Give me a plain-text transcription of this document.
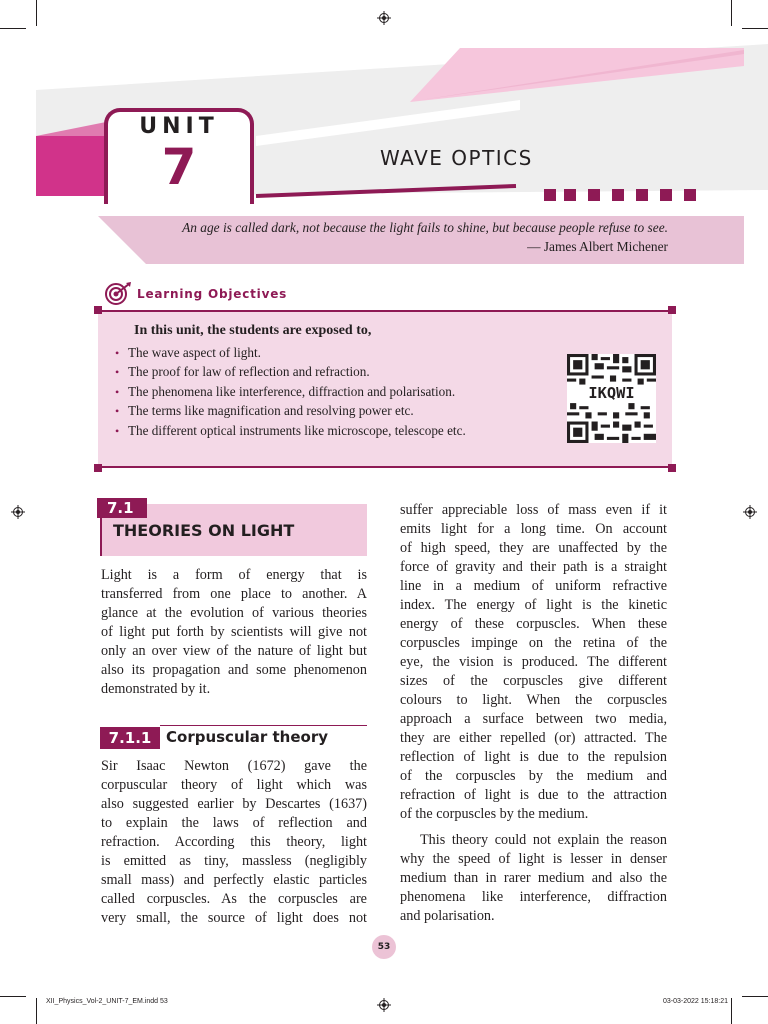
UNIT
7	WAVE OPTICS
An age is called dark, not because the light fails to shine, but because people refuse to see.
— James Albert Michener
Learning Objectives
In this unit, the students are exposed to,
• The wave aspect of light.
• The proof for law of reflection and refraction.
• The phenomena like interference, diffraction and polarisation.
• The terms like magnification and resolving power etc.
• The different optical instruments like microscope, telescope etc.
IKQWI
7.1
THEORIES ON LIGHT
Light is a form of energy that is
transferred from one place to another. A
glance at the evolution of various theories
of light put forth by scientists will give not
only an over view of the nature of light but
also its propagation and some phenomenon
demonstrated by it.
7.1.1 Corpuscular theory
Sir Isaac Newton (1672) gave the
corpuscular theory of light which was
also suggested earlier by Descartes (1637)
to explain the laws of reflection and
refraction. According this theory, light
is emitted as tiny, massless (negligibly
small mass) and perfectly elastic particles
called corpuscles. As the corpuscles are
very small, the source of light does not
suffer appreciable loss of mass even if it
emits light for a long time. On account
of high speed, they are unaffected by the
force of gravity and their path is a straight
line in a medium of uniform refractive
index. The energy of light is the kinetic
energy of these corpuscles. When these
corpuscles impinge on the retina of the
eye, the vision is produced. The different
sizes of the corpuscles give different
colours to light. When the corpuscles
approach a surface between two media,
they are either repelled (or) attracted. The
reflection of light is due to the repulsion
of the corpuscles by the medium and
refraction of light is due to the attraction
of the corpuscles by the medium.
This theory could not explain the reason
why the speed of light is lesser in denser
medium than in rarer medium and also the
phenomena like interference, diffraction
and polarisation.
53
XII_Physics_Vol-2_UNIT-7_EM.indd 53	03-03-2022 15:18:21
